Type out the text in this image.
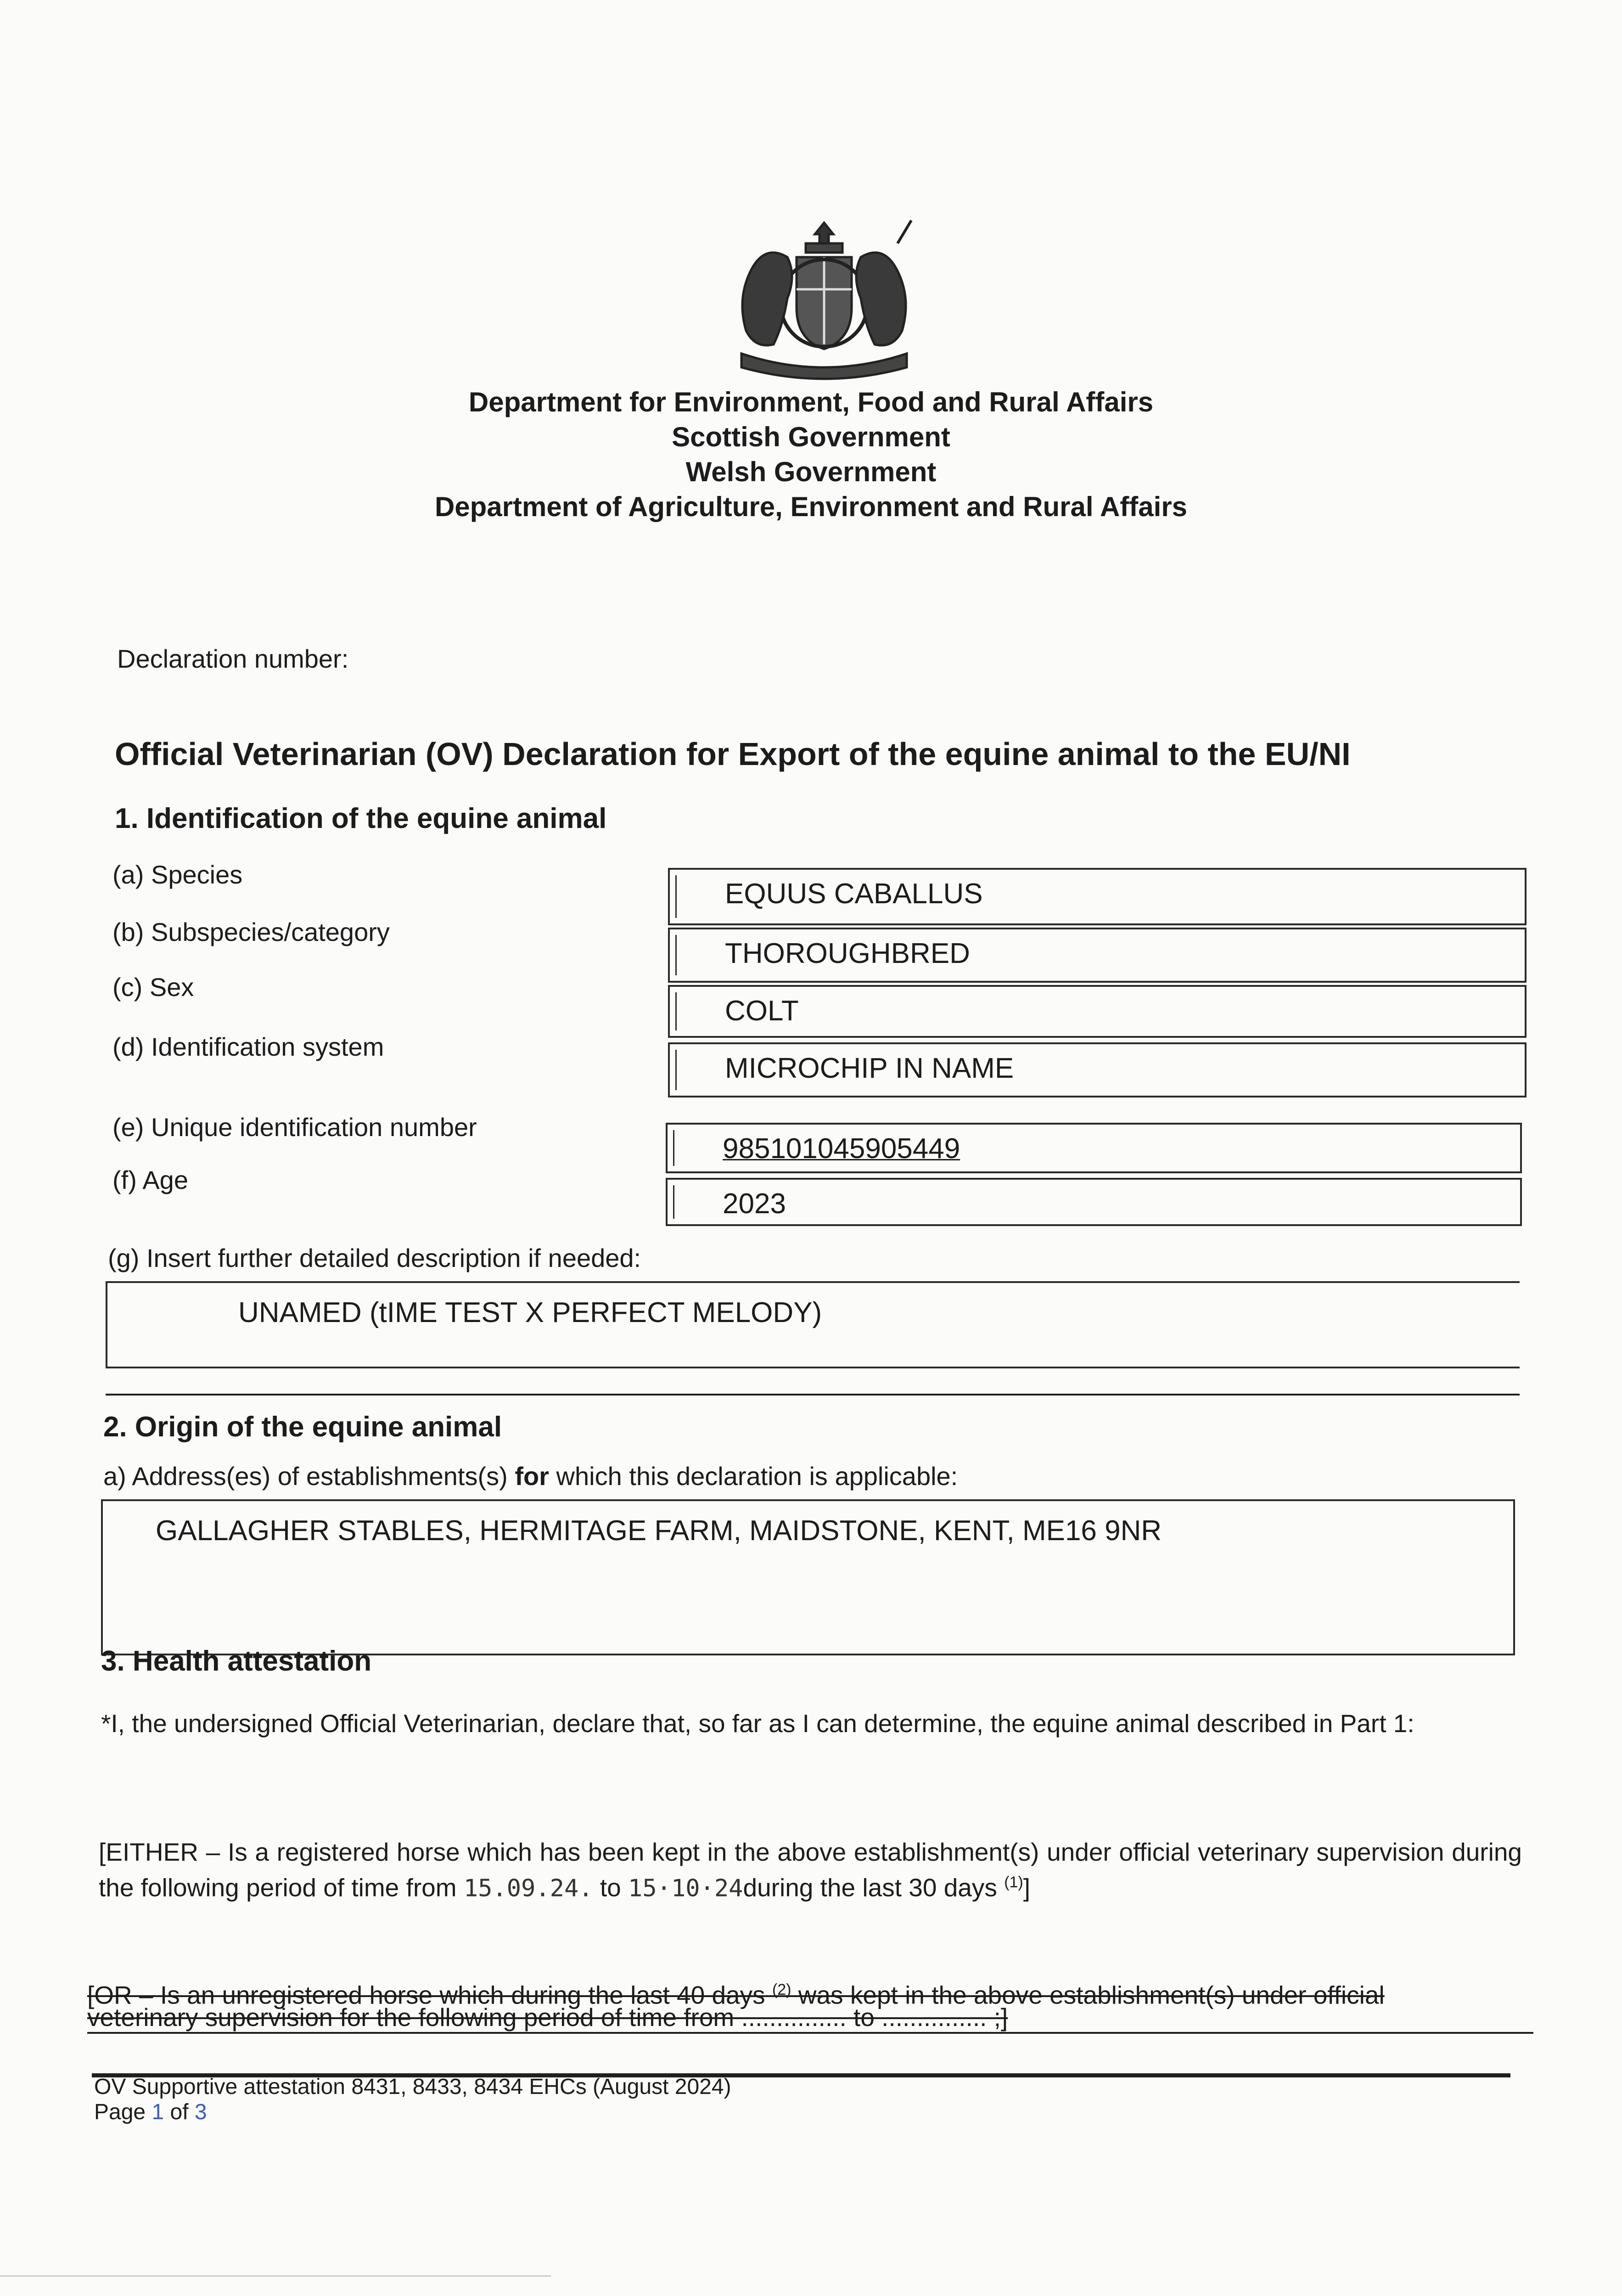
Department for Environment, Food and Rural Affairs
Scottish Government
Welsh Government
Department of Agriculture, Environment and Rural Affairs
Declaration number:
Official Veterinarian (OV) Declaration for Export of the equine animal to the EU/NI
1. Identification of the equine animal
(a) Species
EQUUS CABALLUS
(b) Subspecies/category
THOROUGHBRED
(c) Sex
COLT
(d) Identification system
MICROCHIP IN NAME
(e) Unique identification number
985101045905449
(f) Age
2023
(g) Insert further detailed description if needed:
UNAMED (tIME TEST X PERFECT MELODY)
2. Origin of the equine animal
a) Address(es) of establishments(s) for which this declaration is applicable:
GALLAGHER STABLES, HERMITAGE FARM, MAIDSTONE, KENT, ME16 9NR
3. Health attestation
*I, the undersigned Official Veterinarian, declare that, so far as I can determine, the equine animal described in Part 1:
[EITHER – Is a registered horse which has been kept in the above establishment(s) under official veterinary supervision during the following period of time from 15.09.24. to 15·10·24during the last 30 days $^{(1)}$]
[OR – Is an unregistered horse which during the last 40 days $^{(2)}$ was kept in the above establishment(s) under official
veterinary supervision for the following period of time from ............... to ............... ;]
OV Supportive attestation 8431, 8433, 8434 EHCs (August 2024)
Page 1 of 3
